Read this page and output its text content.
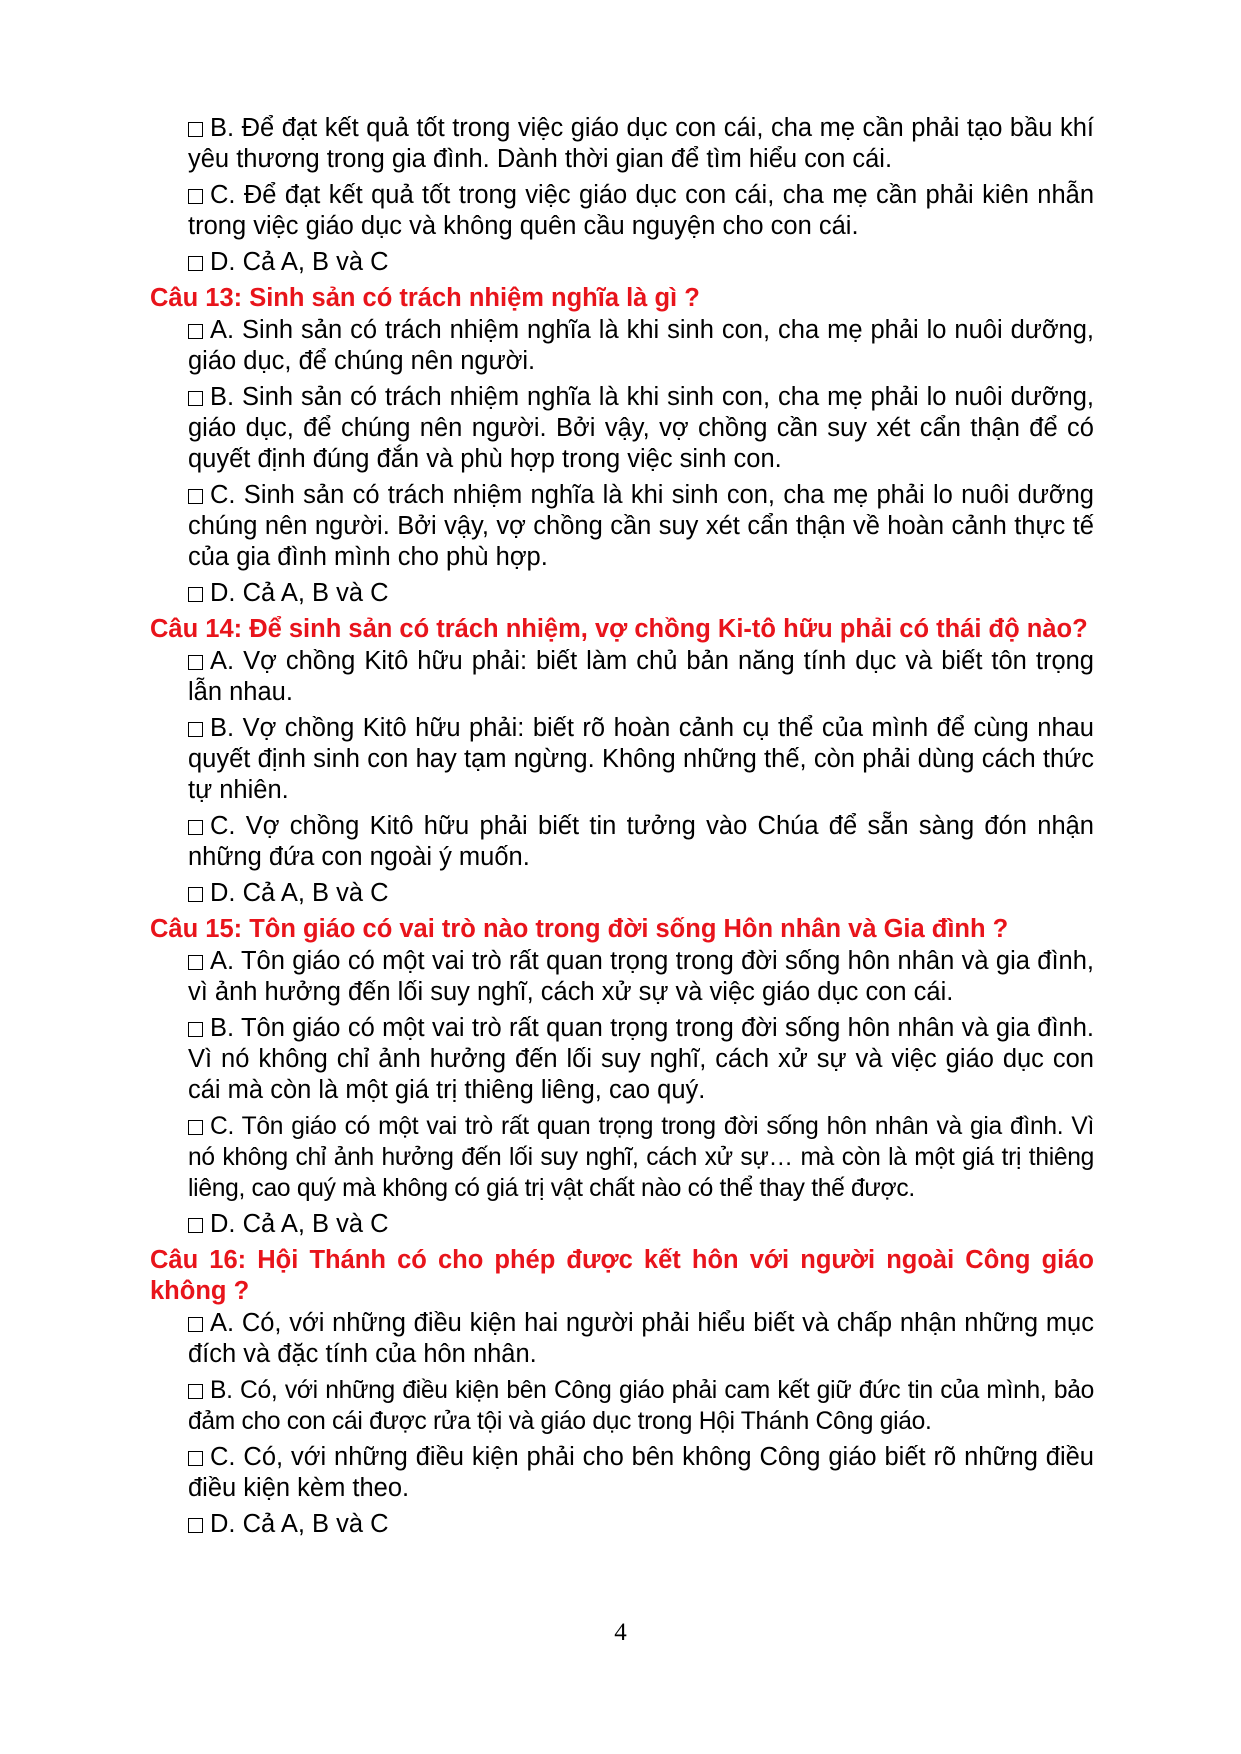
B. Để đạt kết quả tốt trong việc giáo dục con cái, cha mẹ cần phải tạo bầu khí yêu thương trong gia đình. Dành thời gian để tìm hiểu con cái.

C. Để đạt kết quả tốt trong việc giáo dục con cái, cha mẹ cần phải kiên nhẫn trong việc giáo dục và không quên cầu nguyện cho con cái.

D. Cả A, B và C

Câu 13: Sinh sản có trách nhiệm nghĩa là gì ?

A. Sinh sản có trách nhiệm nghĩa là khi sinh con, cha mẹ phải lo nuôi dưỡng, giáo dục, để chúng nên người.

B. Sinh sản có trách nhiệm nghĩa là khi sinh con, cha mẹ phải lo nuôi dưỡng, giáo dục, để chúng nên người. Bởi vậy, vợ chồng cần suy xét cẩn thận để có quyết định đúng đắn và phù hợp trong việc sinh con.

C. Sinh sản có trách nhiệm nghĩa là khi sinh con, cha mẹ phải lo nuôi dưỡng chúng nên người. Bởi vậy, vợ chồng cần suy xét cẩn thận về hoàn cảnh thực tế của gia đình mình cho phù hợp.

D. Cả A, B và C

Câu 14: Để sinh sản có trách nhiệm, vợ chồng Ki-tô hữu phải có thái độ nào?

A. Vợ chồng Kitô hữu phải: biết làm chủ bản năng tính dục và biết tôn trọng lẫn nhau.

B. Vợ chồng Kitô hữu phải: biết rõ hoàn cảnh cụ thể của mình để cùng nhau quyết định sinh con hay tạm ngừng. Không những thế, còn phải dùng cách thức tự nhiên.

C. Vợ chồng Kitô hữu phải biết tin tưởng vào Chúa để sẵn sàng đón nhận những đứa con ngoài ý muốn.

D. Cả A, B và C

Câu 15: Tôn giáo có vai trò nào trong đời sống Hôn nhân và Gia đình ?

A. Tôn giáo có một vai trò rất quan trọng trong đời sống hôn nhân và gia đình, vì ảnh hưởng đến lối suy nghĩ, cách xử sự và việc giáo dục con cái.

B. Tôn giáo có một vai trò rất quan trọng trong đời sống hôn nhân và gia đình. Vì nó không chỉ ảnh hưởng đến lối suy nghĩ, cách xử sự và việc giáo dục con cái mà còn là một giá trị thiêng liêng, cao quý.

C. Tôn giáo có một vai trò rất quan trọng trong đời sống hôn nhân và gia đình. Vì nó không chỉ ảnh hưởng đến lối suy nghĩ, cách xử sự… mà còn là một giá trị thiêng liêng, cao quý mà không có giá trị vật chất nào có thể thay thế được.

D. Cả A, B và C

Câu 16: Hội Thánh có cho phép được kết hôn với người ngoài Công giáo không ?

A. Có, với những điều kiện hai người phải hiểu biết và chấp nhận những mục đích và đặc tính của hôn nhân.

B. Có, với những điều kiện bên Công giáo phải cam kết giữ đức tin của mình, bảo đảm cho con cái được rửa tội và giáo dục trong Hội Thánh Công giáo.

C. Có, với những điều kiện phải cho bên không Công giáo biết rõ những điều điều kiện kèm theo.

D. Cả A, B và C

4
